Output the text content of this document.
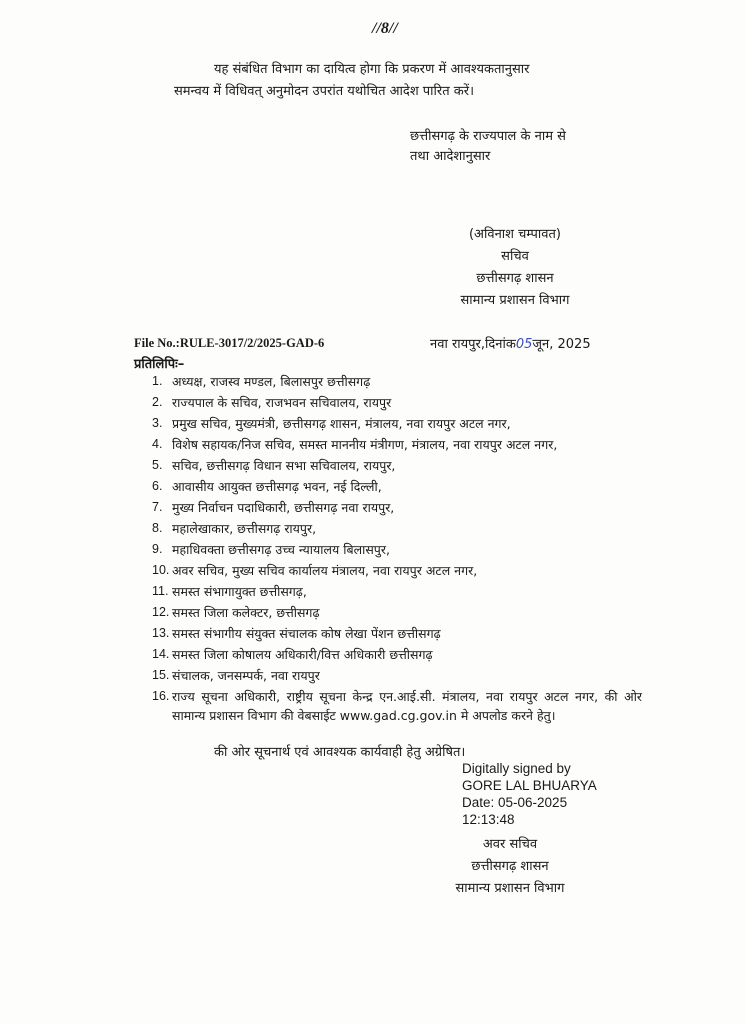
//8//
यह संबंधित विभाग का दायित्व होगा कि प्रकरण में आवश्यकतानुसार
समन्वय में विधिवत् अनुमोदन उपरांत यथोचित आदेश पारित करें।
छत्तीसगढ़ के राज्यपाल के नाम से
तथा आदेशानुसार
(अविनाश चम्पावत)
सचिव
छत्तीसगढ़ शासन
सामान्य प्रशासन विभाग
File No.:RULE-3017/2/2025-GAD-6	नवा रायपुर,दिनांक05जून, 2025
प्रतिलिपिः–
1. अध्यक्ष, राजस्व मण्डल, बिलासपुर छत्तीसगढ़
2. राज्यपाल के सचिव, राजभवन सचिवालय, रायपुर
3. प्रमुख सचिव, मुख्यमंत्री, छत्तीसगढ़ शासन, मंत्रालय, नवा रायपुर अटल नगर,
4. विशेष सहायक/निज सचिव, समस्त माननीय मंत्रीगण, मंत्रालय, नवा रायपुर अटल नगर,
5. सचिव, छत्तीसगढ़ विधान सभा सचिवालय, रायपुर,
6. आवासीय आयुक्त छत्तीसगढ़ भवन, नई दिल्ली,
7. मुख्य निर्वाचन पदाधिकारी, छत्तीसगढ़ नवा रायपुर,
8. महालेखाकार, छत्तीसगढ़ रायपुर,
9. महाधिवक्ता छत्तीसगढ़ उच्च न्यायालय बिलासपुर,
10. अवर सचिव, मुख्य सचिव कार्यालय मंत्रालय, नवा रायपुर अटल नगर,
11. समस्त संभागायुक्त छत्तीसगढ़,
12. समस्त जिला कलेक्टर, छत्तीसगढ़
13. समस्त संभागीय संयुक्त संचालक कोष लेखा पेंशन छत्तीसगढ़
14. समस्त जिला कोषालय अधिकारी/वित्त अधिकारी छत्तीसगढ़
15. संचालक, जनसम्पर्क, नवा रायपुर
16. राज्य सूचना अधिकारी, राष्ट्रीय सूचना केन्द्र एन.आई.सी. मंत्रालय, नवा रायपुर अटल नगर, की ओर सामान्य प्रशासन विभाग की वेबसाईट www.gad.cg.gov.in मे अपलोड करने हेतु।
की ओर सूचनार्थ एवं आवश्यक कार्यवाही हेतु अग्रेषित।
Digitally signed by
GORE LAL BHUARYA
Date: 05-06-2025
12:13:48
अवर सचिव
छत्तीसगढ़ शासन
सामान्य प्रशासन विभाग
